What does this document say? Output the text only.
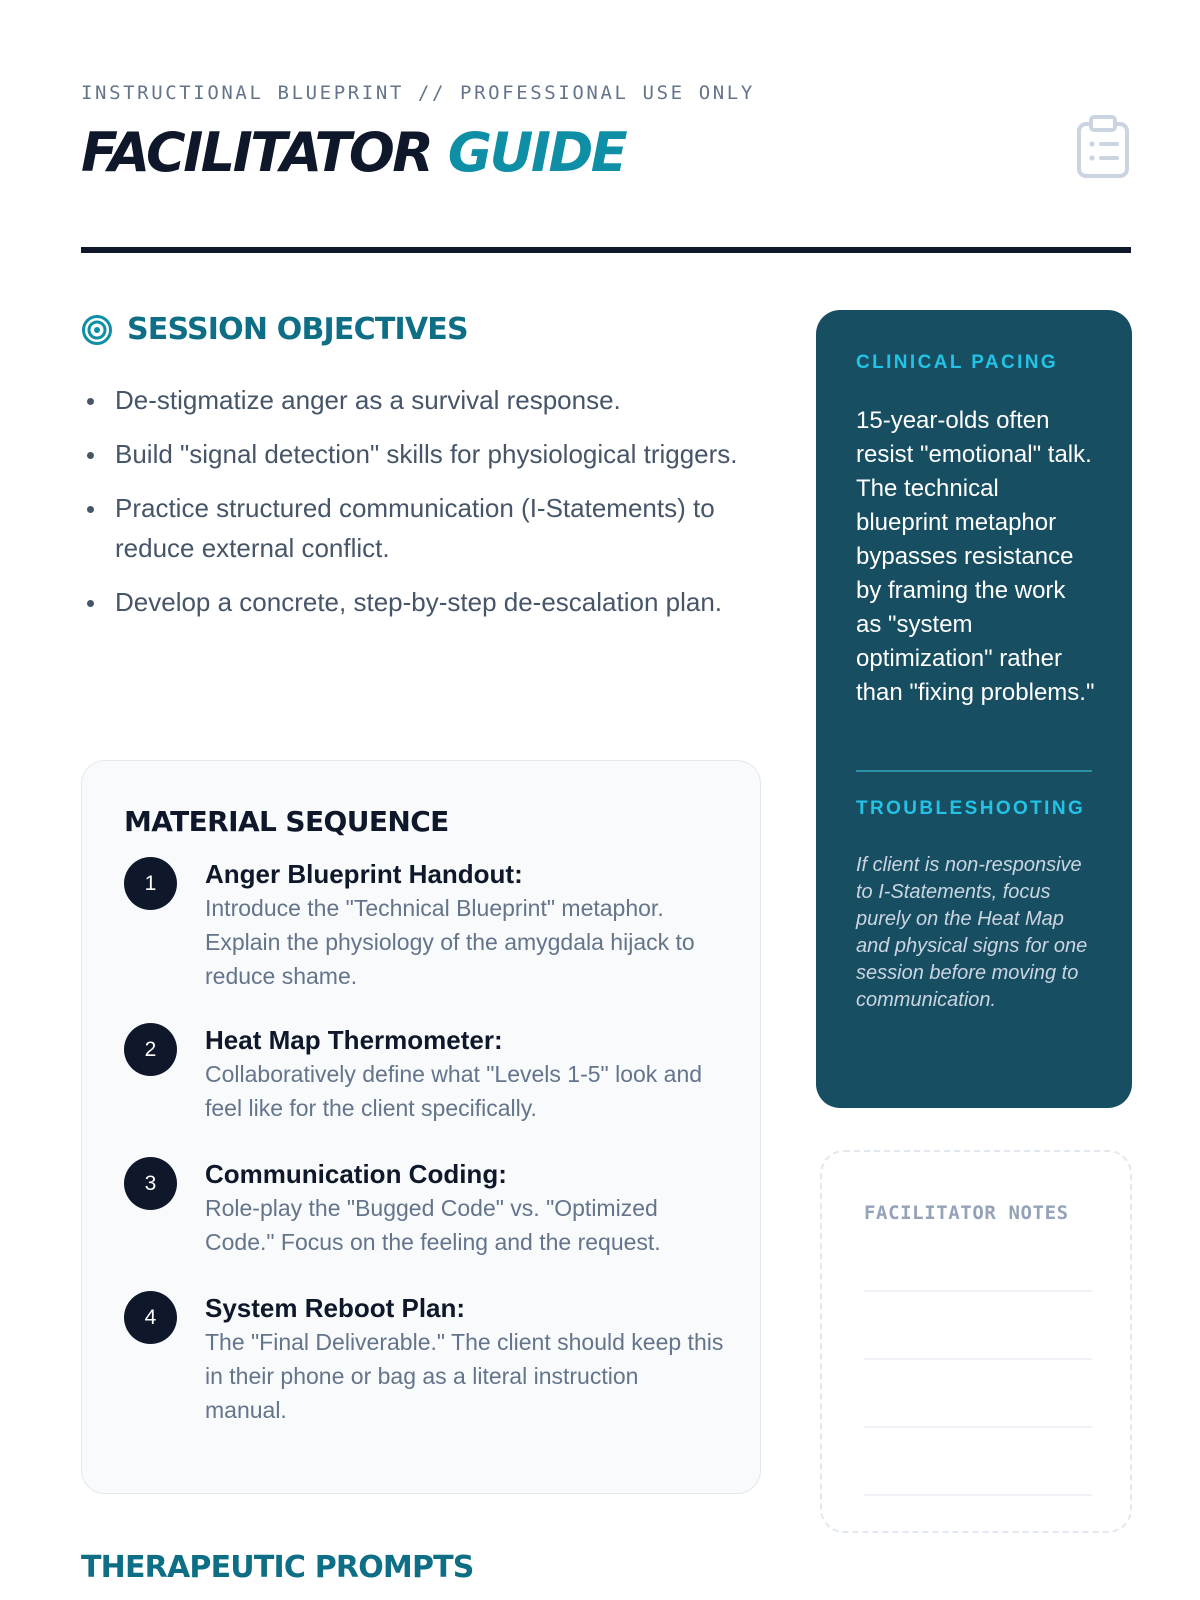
INSTRUCTIONAL BLUEPRINT // PROFESSIONAL USE ONLY
FACILITATOR GUIDE
SESSION OBJECTIVES
De-stigmatize anger as a survival response.
Build "signal detection" skills for physiological triggers.
Practice structured communication (I-Statements) to reduce external conflict.
Develop a concrete, step-by-step de-escalation plan.
MATERIAL SEQUENCE
1	Anger Blueprint Handout:
Introduce the "Technical Blueprint" metaphor. Explain the physiology of the amygdala hijack to reduce shame.
2	Heat Map Thermometer:
Collaboratively define what "Levels 1-5" look and feel like for the client specifically.
3	Communication Coding:
Role-play the "Bugged Code" vs. "Optimized Code." Focus on the feeling and the request.
4	System Reboot Plan:
The "Final Deliverable." The client should keep this in their phone or bag as a literal instruction manual.
THERAPEUTIC PROMPTS
CLINICAL PACING
15-year-olds often resist "emotional" talk. The technical blueprint metaphor bypasses resistance by framing the work as "system optimization" rather than "fixing problems."
TROUBLESHOOTING
If client is non-responsive to I-Statements, focus purely on the Heat Map and physical signs for one session before moving to communication.
FACILITATOR NOTES
